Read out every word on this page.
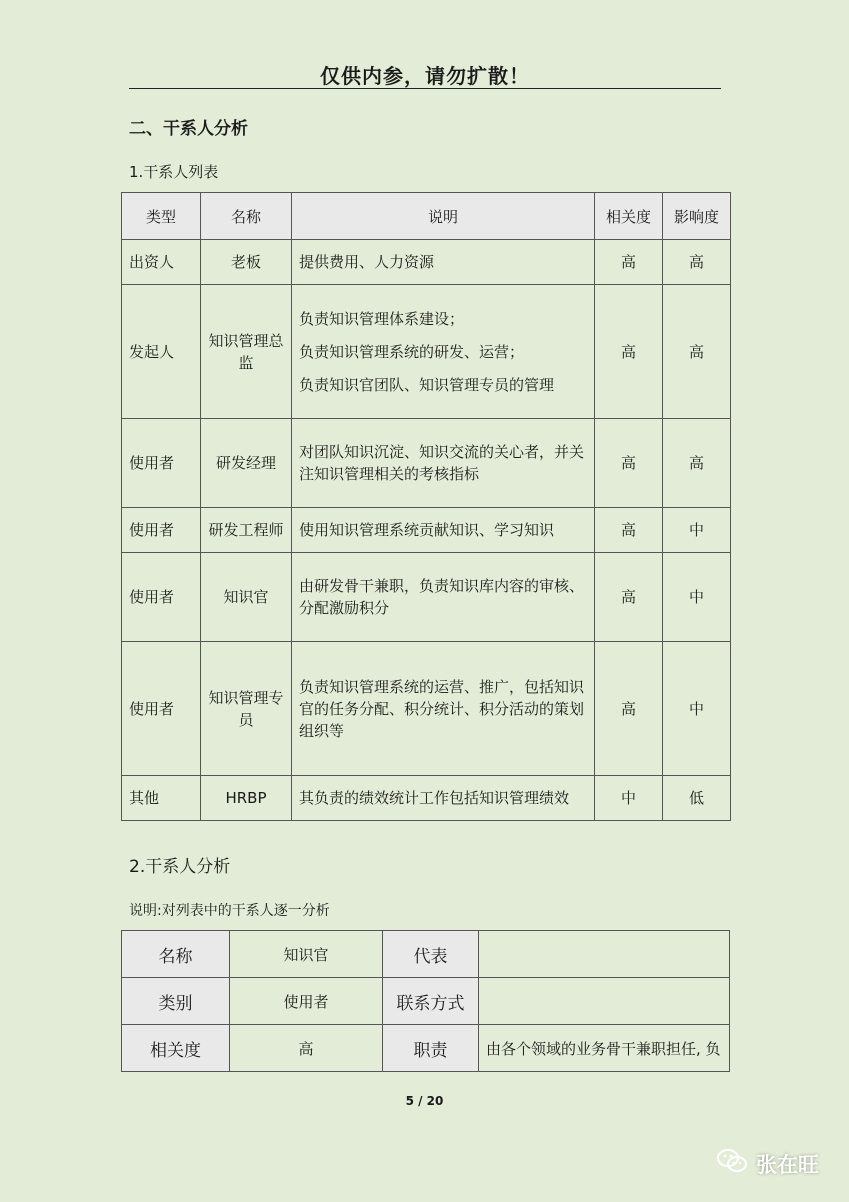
仅供内参，请勿扩散！
二、干系人分析
1.干系人列表
类型	名称	说明	相关度	影响度
出资人	老板	提供费用、人力资源	高	高
发起人	知识管理总监	负责知识管理体系建设；
负责知识管理系统的研发、运营；
负责知识官团队、知识管理专员的管理	高	高
使用者	研发经理	对团队知识沉淀、知识交流的关心者，并关注知识管理相关的考核指标	高	高
使用者	研发工程师	使用知识管理系统贡献知识、学习知识	高	中
使用者	知识官	由研发骨干兼职，负责知识库内容的审核、分配激励积分	高	中
使用者	知识管理专员	负责知识管理系统的运营、推广，包括知识官的任务分配、积分统计、积分活动的策划组织等	高	中
其他	HRBP	其负责的绩效统计工作包括知识管理绩效	中	低
2.干系人分析
说明:对列表中的干系人逐一分析
名称	知识官	代表	
类别	使用者	联系方式	
相关度	高	职责	由各个领域的业务骨干兼职担任, 负
5 / 20
张在旺
